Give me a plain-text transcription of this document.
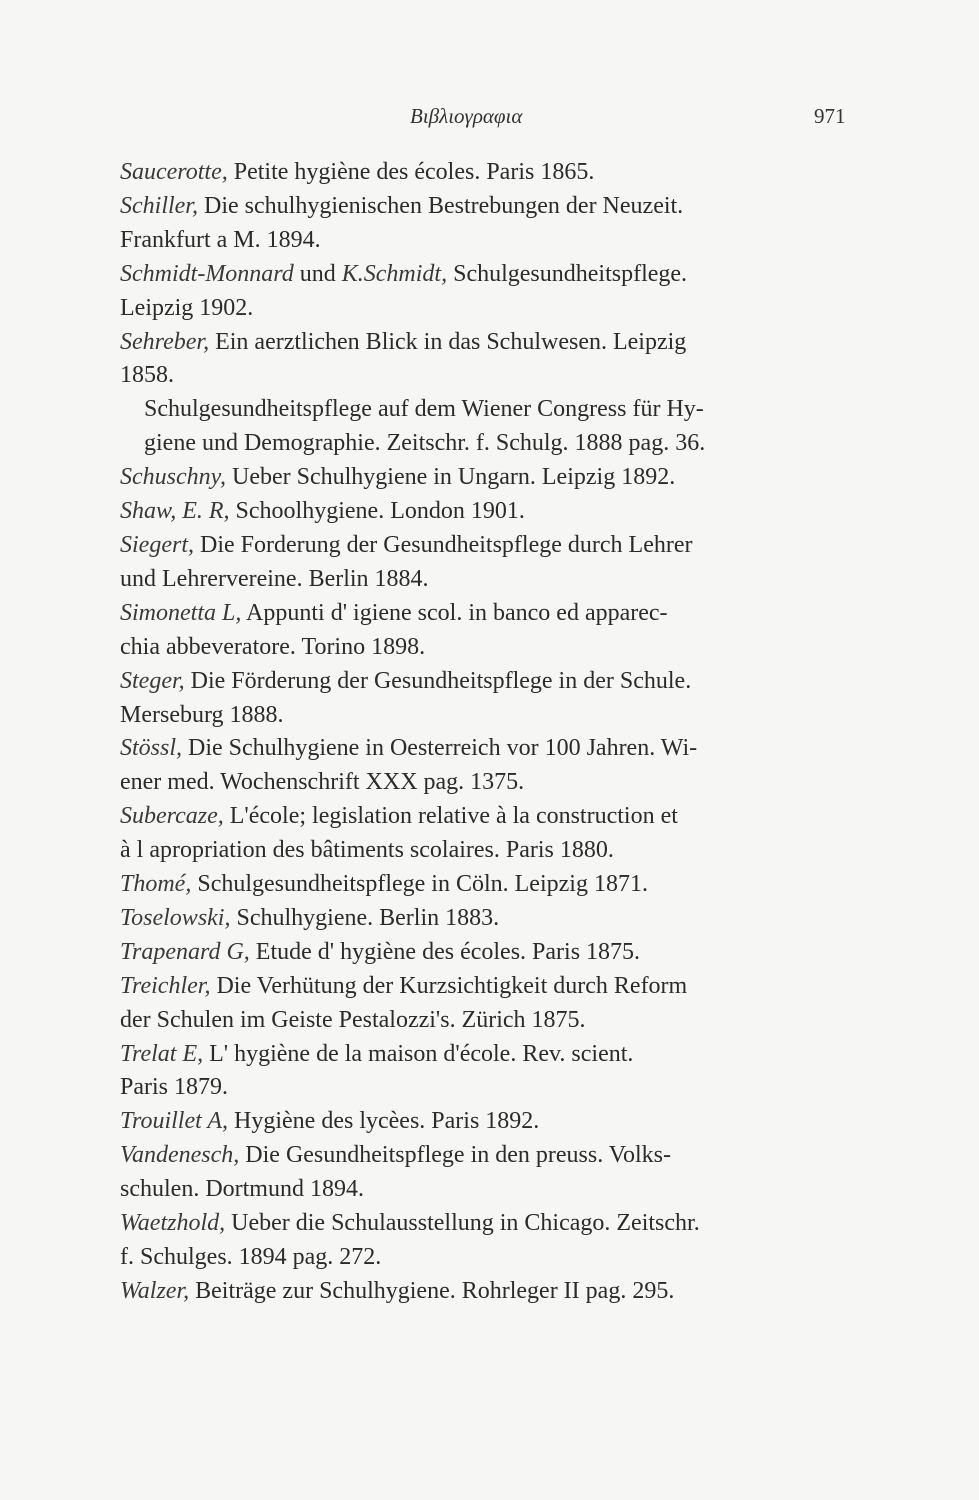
Βιβλιογραφια	971
Saucerotte, Petite hygiène des écoles. Paris 1865.
Schiller, Die schulhygienischen Bestrebungen der Neuzeit.
Frankfurt a M. 1894.
Schmidt-Monnard und K.Schmidt, Schulgesundheitspflege.
Leipzig 1902.
Sehreber, Ein aerztlichen Blick in das Schulwesen. Leipzig
1858.
Schulgesundheitspflege auf dem Wiener Congress für Hy-
giene und Demographie. Zeitschr. f. Schulg. 1888 pag. 36.
Schuschny, Ueber Schulhygiene in Ungarn. Leipzig 1892.
Shaw, E. R, Schoolhygiene. London 1901.
Siegert, Die Forderung der Gesundheitspflege durch Lehrer
und Lehrervereine. Berlin 1884.
Simonetta L, Appunti d' igiene scol. in banco ed apparec-
chia abbeveratore. Torino 1898.
Steger, Die Förderung der Gesundheitspflege in der Schule.
Merseburg 1888.
Stössl, Die Schulhygiene in Oesterreich vor 100 Jahren. Wi-
ener med. Wochenschrift XXX pag. 1375.
Subercaze, L'école; legislation relative à la construction et
à l apropriation des bâtiments scolaires. Paris 1880.
Thomé, Schulgesundheitspflege in Cöln. Leipzig 1871.
Toselowski, Schulhygiene. Berlin 1883.
Trapenard G, Etude d' hygiène des écoles. Paris 1875.
Treichler, Die Verhütung der Kurzsichtigkeit durch Reform
der Schulen im Geiste Pestalozzi's. Zürich 1875.
Trelat E, L' hygiène de la maison d'école. Rev. scient.
Paris 1879.
Trouillet A, Hygiène des lycèes. Paris 1892.
Vandenesch, Die Gesundheitspflege in den preuss. Volks-
schulen. Dortmund 1894.
Waetzhold, Ueber die Schulausstellung in Chicago. Zeitschr.
f. Schulges. 1894 pag. 272.
Walzer, Beiträge zur Schulhygiene. Rohrleger II pag. 295.
